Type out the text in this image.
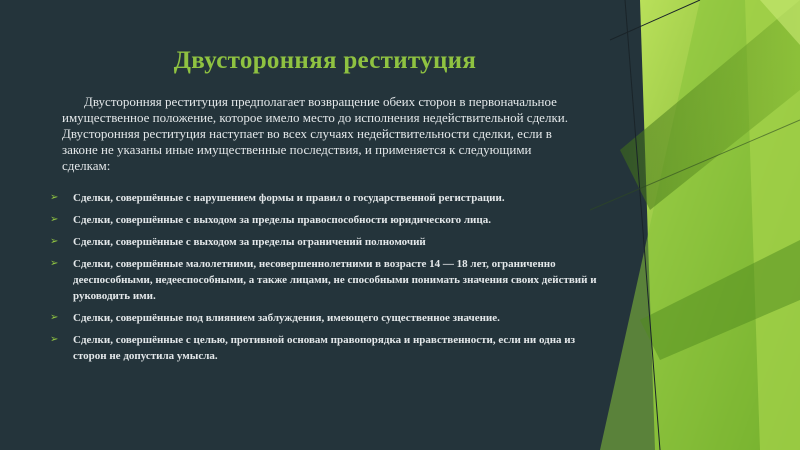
Двусторонняя реституция

Двусторонняя реституция предполагает возвращение обеих сторон в первоначальное имущественное положение, которое имело место до исполнения недействительной сделки. Двусторонняя реституция наступает во всех случаях недействительности сделки, если в законе не указаны иные имущественные последствия, и применяется к следующими сделкам:

➢ Сделки, совершённые с нарушением формы и правил о государственной регистрации.
➢ Сделки, совершённые с выходом за пределы правоспособности юридического лица.
➢ Сделки, совершённые с выходом за пределы ограничений полномочий
➢ Сделки, совершённые малолетними, несовершеннолетними в возрасте 14 — 18 лет, ограниченно дееспособными, недееспособными, а также лицами, не способными понимать значения своих действий и руководить ими.
➢ Сделки, совершённые под влиянием заблуждения, имеющего существенное значение.
➢ Сделки, совершённые с целью, противной основам правопорядка и нравственности, если ни одна из сторон не допустила умысла.
